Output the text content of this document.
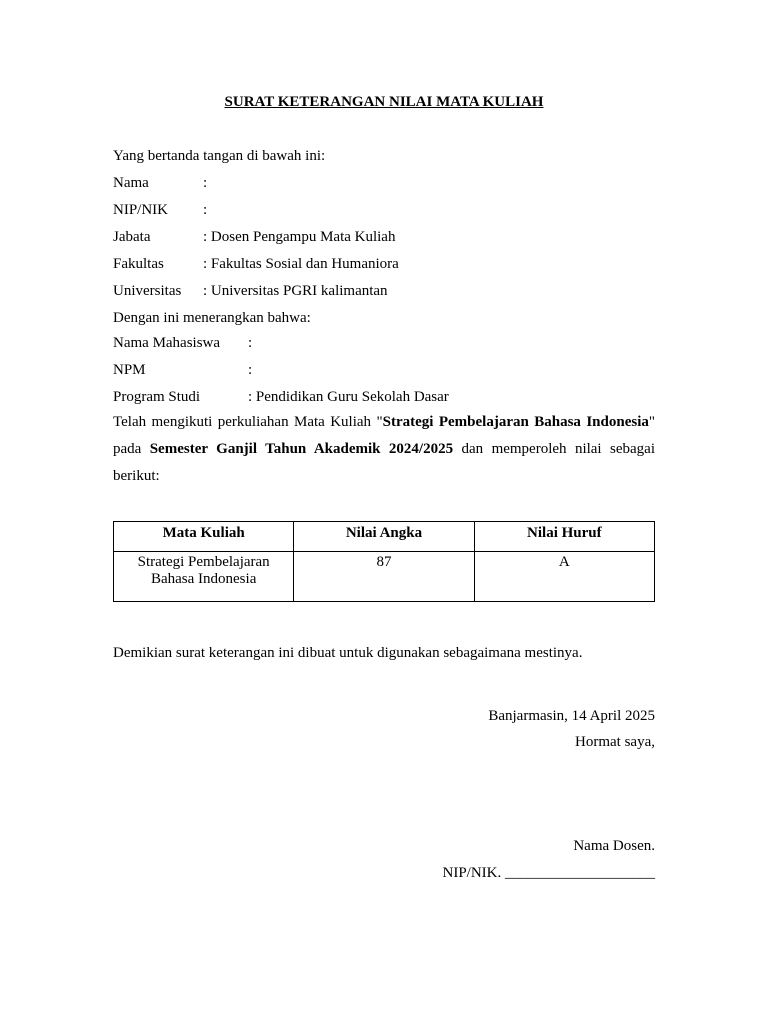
SURAT KETERANGAN NILAI MATA KULIAH
Yang bertanda tangan di bawah ini:
Nama	:
NIP/NIK :
Jabata	: Dosen Pengampu Mata Kuliah
Fakultas	: Fakultas Sosial dan Humaniora
Universitas : Universitas PGRI kalimantan
Dengan ini menerangkan bahwa:
Nama Mahasiswa :
NPM	:
Program Studi	: Pendidikan Guru Sekolah Dasar
Telah mengikuti perkuliahan Mata Kuliah "Strategi Pembelajaran Bahasa Indonesia"
pada Semester Ganjil Tahun Akademik 2024/2025 dan memperoleh nilai sebagai
berikut:
Mata Kuliah	Nilai Angka	Nilai Huruf
Strategi Pembelajaran Bahasa Indonesia	87	A
Demikian surat keterangan ini dibuat untuk digunakan sebagaimana mestinya.
Banjarmasin, 14 April 2025
Hormat saya,
Nama Dosen.
NIP/NIK. ____________________
